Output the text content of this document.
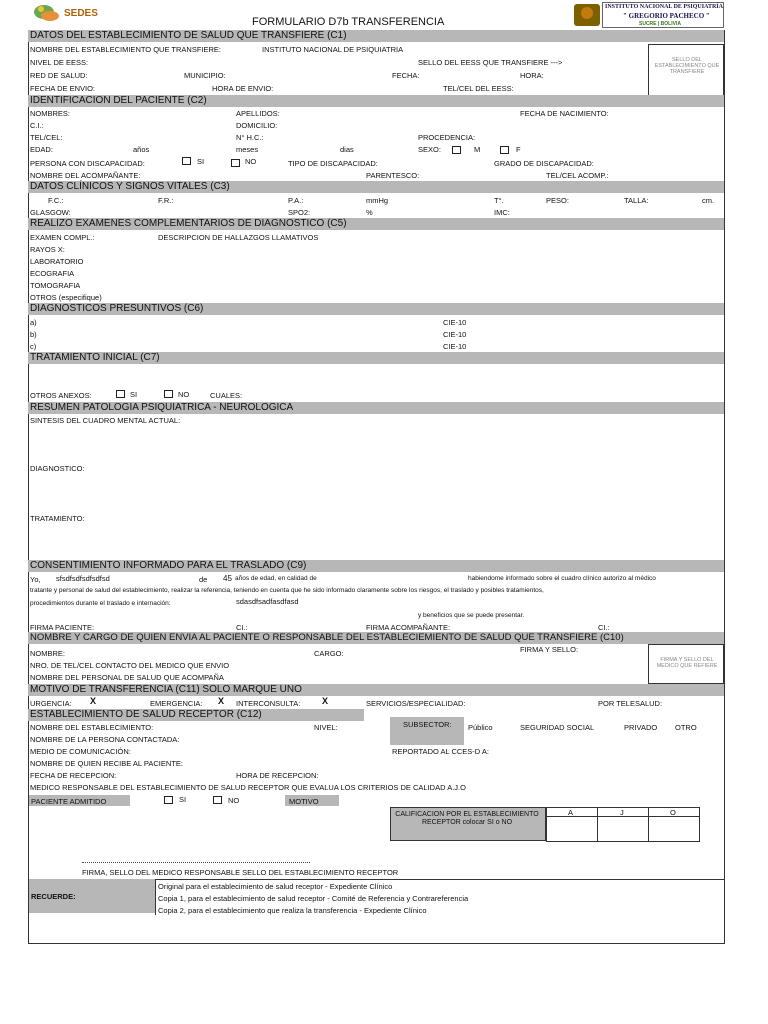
SEDES
FORMULARIO D7b TRANSFERENCIA
INSTITUTO NACIONAL DE PSIQUIATRÍA
" GREGORIO PACHECO "
SUCRE | BOLIVIA
DATOS DEL ESTABLECIMIENTO DE SALUD QUE TRANSFIERE (C1)
NOMBRE DEL ESTABLECIMIENTO QUE TRANSFIERE:	INSTITUTO NACIONAL DE PSIQUIATRIA
NIVEL DE EESS:	SELLO DEL EESS QUE TRANSFIERE --->	SELLO DEL ESTABLECIMIENTO QUE TRANSFIERE
RED DE SALUD:	MUNICIPIO:	FECHA:	HORA:
FECHA DE ENVIO:	HORA DE ENVIO:	TEL/CEL DEL EESS:
IDENTIFICACION DEL PACIENTE (C2)
NOMBRES:	APELLIDOS:	FECHA DE NACIMIENTO:
C.I.:	DOMICILIO:
TEL/CEL:	N° H.C.:	PROCEDENCIA:
EDAD:	años	meses	dias	SEXO:	M	F
PERSONA CON DISCAPACIDAD:	SI	NO	TIPO DE DISCAPACIDAD:	GRADO DE DISCAPACIDAD:
NOMBRE DEL ACOMPAÑANTE:	PARENTESCO:	TEL/CEL ACOMP.:
DATOS CLÍNICOS Y SIGNOS VITALES (C3)
F.C.:	F.R.:	P.A.:	mmHg	T°.	PESO:	TALLA:	cm.
GLASGOW:	SPO2:	%	IMC:
REALIZO EXAMENES COMPLEMENTARIOS DE DIAGNOSTICO (C5)
EXAMEN COMPL.:	DESCRIPCION DE HALLAZGOS LLAMATIVOS
RAYOS X:
LABORATORIO
ECOGRAFIA
TOMOGRAFIA
OTROS (especifique)
DIAGNOSTICOS PRESUNTIVOS (C6)
a)	CIE-10
b)	CIE-10
c)	CIE-10
TRATAMIENTO INICIAL (C7)
OTROS ANEXOS:	SI	NO	CUALES:
RESUMEN PATOLOGIA PSIQUIATRICA - NEUROLOGICA
SINTESIS DEL CUADRO MENTAL ACTUAL:
DIAGNOSTICO:
TRATAMIENTO:
CONSENTIMIENTO INFORMADO PARA EL TRASLADO (C9)
Yo, sfsdfsdfsdfsdfsd	de 45 años de edad, en calidad de	habiendome informado sobre el cuadro clínico autorizo al médico
tratante y personal de salud del establecimiento, realizar la referencia, teniendo en cuenta que he sido informado claramente sobre los riesgos, el traslado y posibles tratamientos,
procedimientos durante el traslado e internación:	sdasdfsadfasdfasd
y beneficios que se puede presentar.
FIRMA PACIENTE:	CI.:	FIRMA ACOMPAÑANTE:	CI.:
NOMBRE Y CARGO DE QUIEN ENVIA AL PACIENTE O RESPONSABLE DEL ESTABLECIEMIENTO DE SALUD QUE TRANSFIERE (C10)
NOMBRE:	CARGO:	FIRMA Y SELLO:
FIRMA Y SELLO DEL MEDICO QUE REFIERE
NRO. DE TEL/CEL CONTACTO DEL MEDICO QUE ENVIO
NOMBRE DEL PERSONAL DE SALUD QUE ACOMPAÑA
MOTIVO DE TRANSFERENCIA (C11) SOLO MARQUE UNO
URGENCIA: X	EMERGENCIA: X INTERCONSULTA: X	SERVICIOS/ESPECIALIDAD:	POR TELESALUD:
ESTABLECIMIENTO DE SALUD RECEPTOR (C12)
NOMBRE DEL ESTABLECIMIENTO:	NIVEL:	SUBSECTOR: Público	SEGURIDAD SOCIAL	PRIVADO OTRO
NOMBRE DE LA PERSONA CONTACTADA:
MEDIO DE COMUNICACIÓN:	REPORTADO AL CCES-D A:
NOMBRE DE QUIEN RECIBE AL PACIENTE:
FECHA DE RECEPCION:	HORA DE RECEPCION:
MEDICO RESPONSABLE DEL ESTABLECIMIENTO DE SALUD RECEPTOR QUE EVALUA LOS CRITERIOS DE CALIDAD A.J.O
PACIENTE ADMITIDO	SI	NO	MOTIVO
CALIFICACION POR EL ESTABLECIMIENTO RECEPTOR colocar SI o NO
A	J	O
FIRMA, SELLO DEL MEDICO RESPONSABLE SELLO DEL ESTABLECIMIENTO RECEPTOR
RECUERDE:
Original para el establecimiento de salud receptor - Expediente Clínico
Copia 1, para el establecimiento de salud receptor - Comité de Referencia y Contrareferencia
Copia 2, para el establecimiento que realiza la transferencia - Expediente Clínico
